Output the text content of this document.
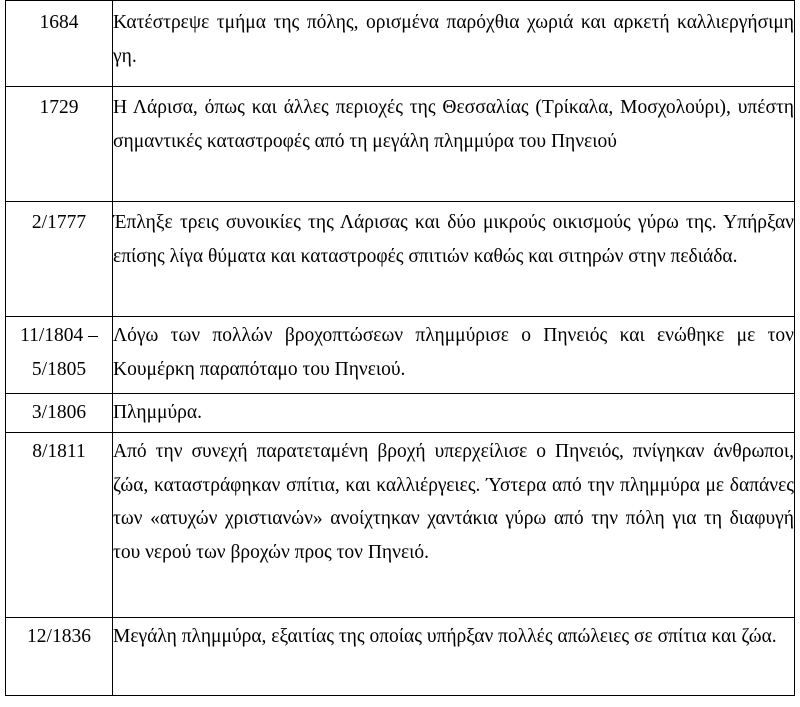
1684	Κατέστρεψε τμήμα της πόλης, ορισμένα παρόχθια χωριά και αρκετή καλλιεργήσιμη γη.
1729	Η Λάρισα, όπως και άλλες περιοχές της Θεσσαλίας (Τρίκαλα, Μοσχολούρι), υπέστη σημαντικές καταστροφές από τη μεγάλη πλημμύρα του Πηνειού
2/1777	Έπληξε τρεις συνοικίες της Λάρισας και δύο μικρούς οικισμούς γύρω της. Υπήρξαν επίσης λίγα θύματα και καταστροφές σπιτιών καθώς και σιτηρών στην πεδιάδα.
11/1804 – 5/1805	Λόγω των πολλών βροχοπτώσεων πλημμύρισε ο Πηνειός και ενώθηκε με τον Κουμέρκη παραπόταμο του Πηνειού.
3/1806	Πλημμύρα.
8/1811	Από την συνεχή παρατεταμένη βροχή υπερχείλισε ο Πηνειός, πνίγηκαν άνθρωποι, ζώα, καταστράφηκαν σπίτια, και καλλιέργειες. Ύστερα από την πλημμύρα με δαπάνες των «ατυχών χριστιανών» ανοίχτηκαν χαντάκια γύρω από την πόλη για τη διαφυγή του νερού των βροχών προς τον Πηνειό.
12/1836	Μεγάλη πλημμύρα, εξαιτίας της οποίας υπήρξαν πολλές απώλειες σε σπίτια και ζώα.
